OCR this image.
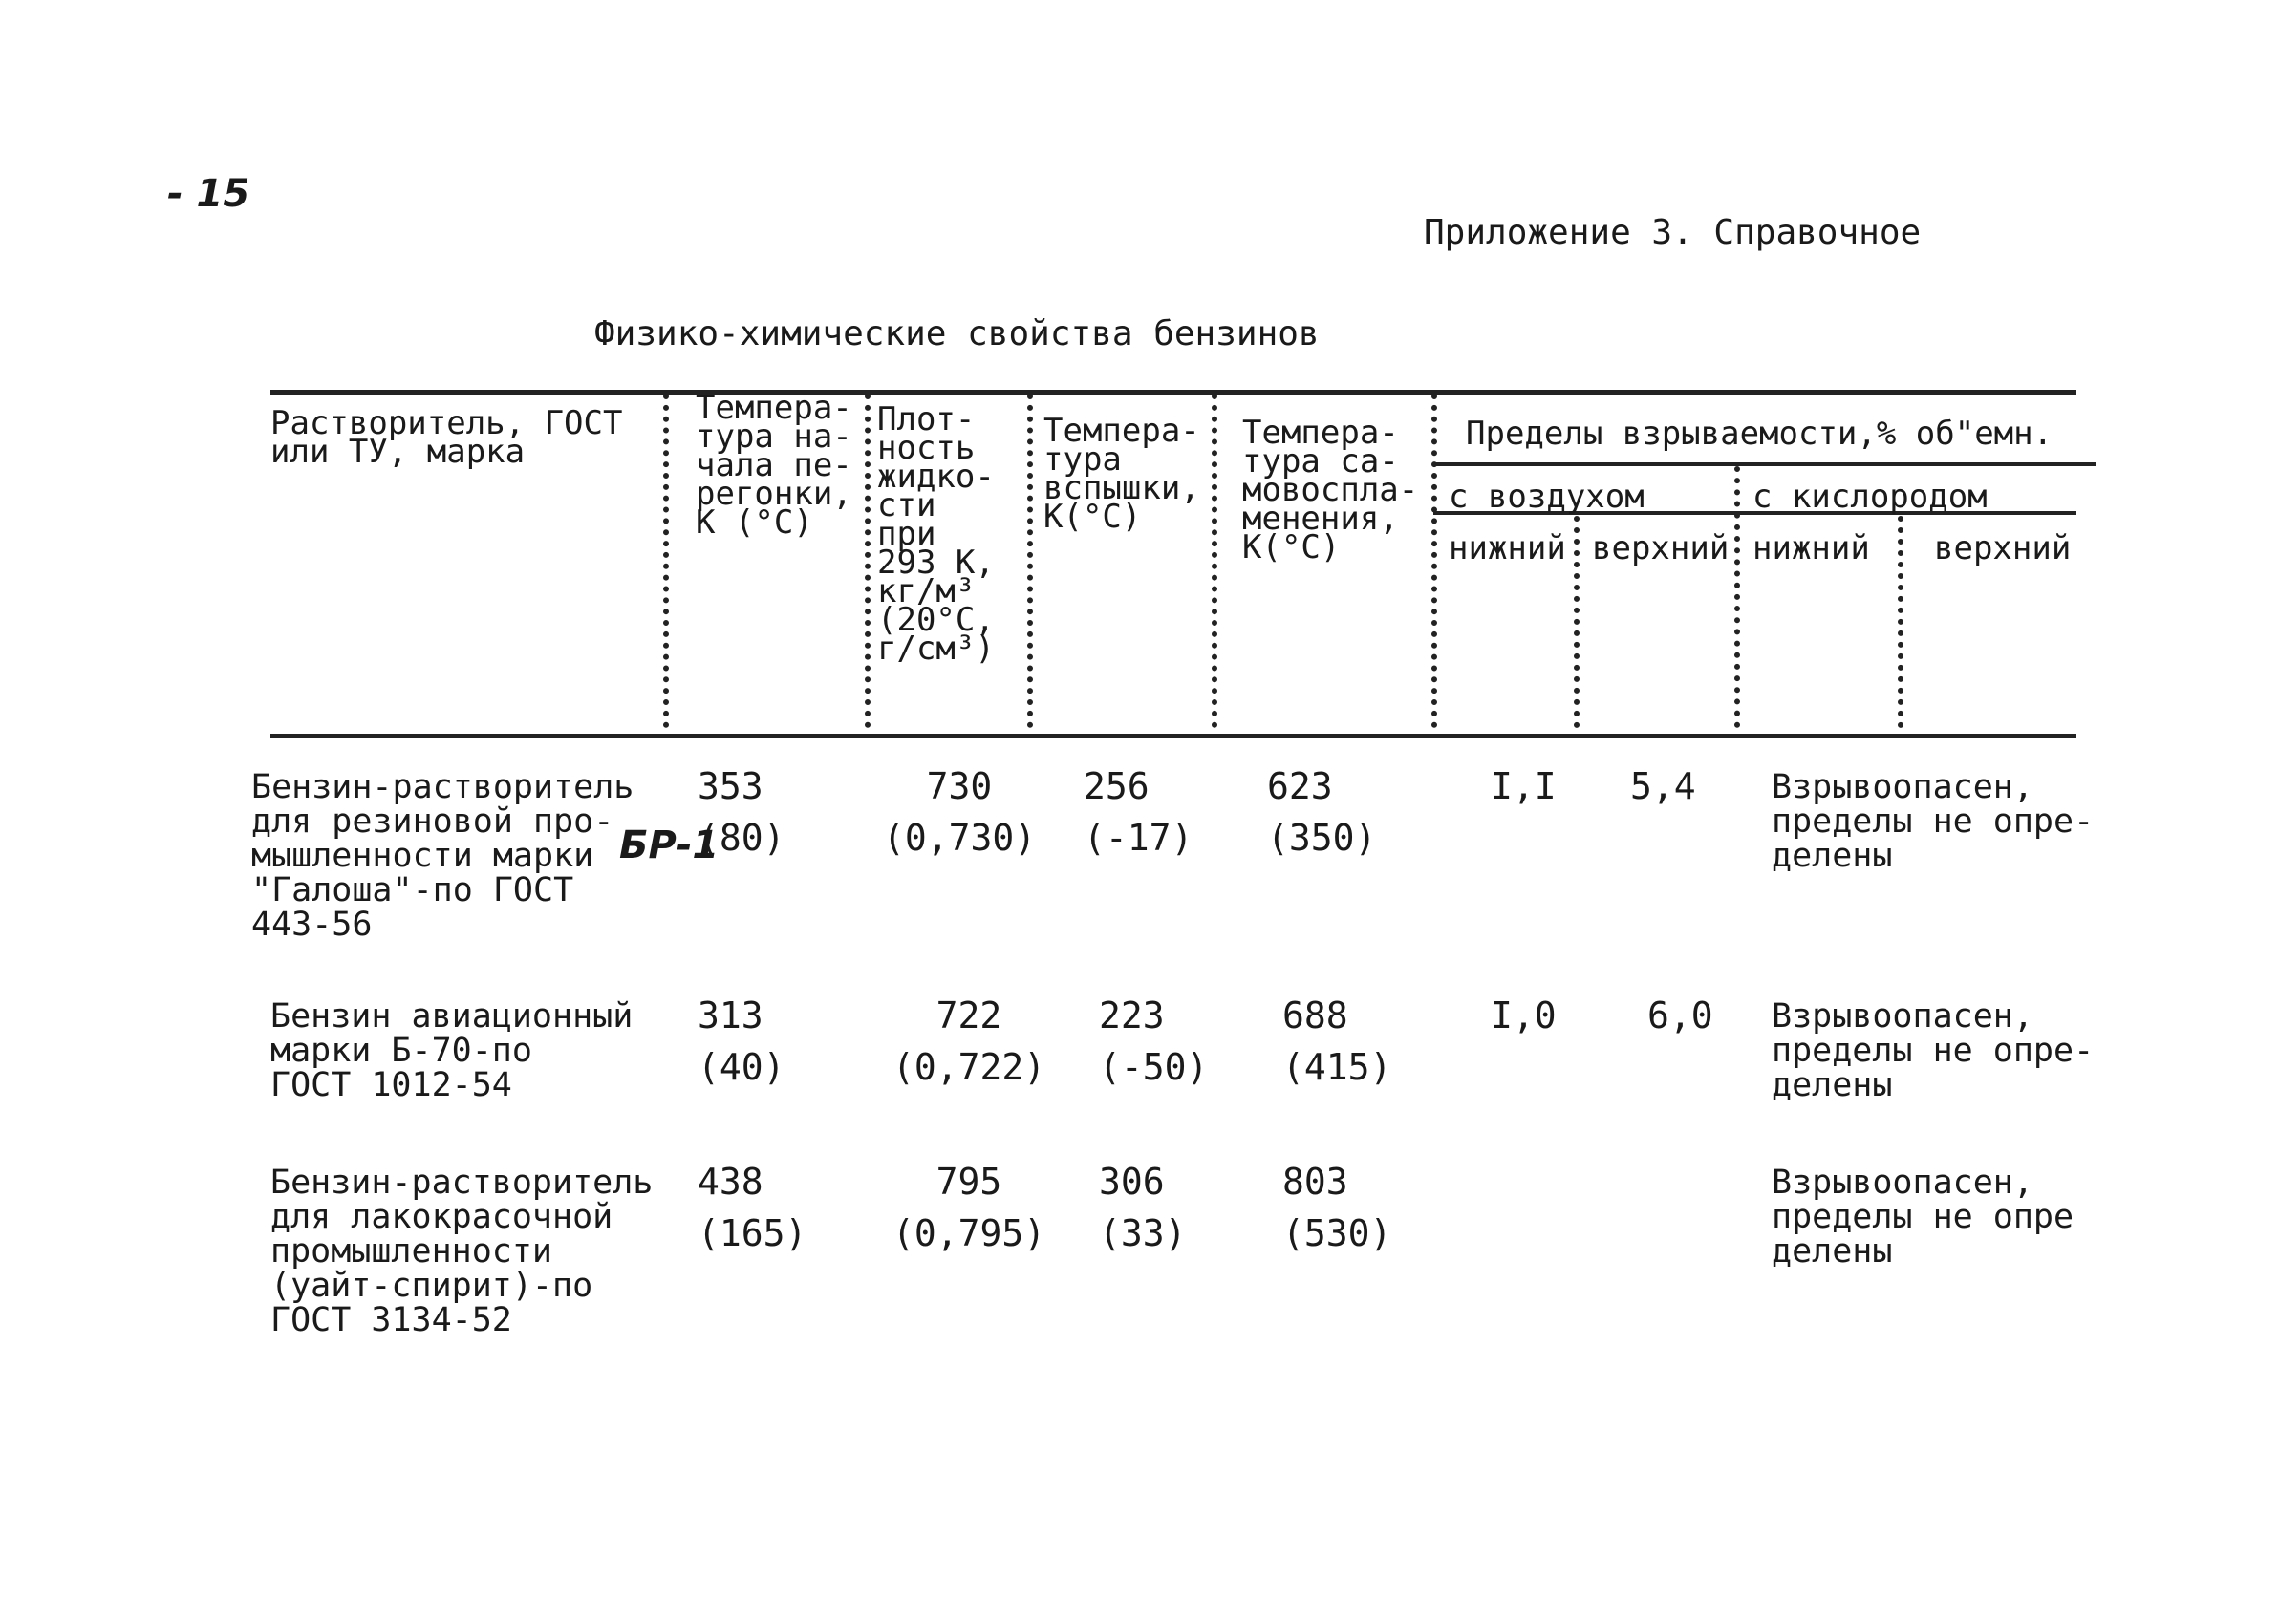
- 15
Приложение 3. Справочное
Физико-химические свойства бензинов
Растворитель, ГОСТ
или ТУ, марка
Темпера-
тура на-
чала пе-
регонки,
К (°С)
Плот-
ность
жидко-
сти
при
293 К,
кг/м³
(20°С,
г/см³)
Темпера-
тура
вспышки,
К(°С)
Темпера-
тура са-
мовоспла-
менения,
К(°С)
Пределы взрываемости,% об"емн.
с воздухом	с кислородом
нижний верхний нижний верхний
Бензин-растворитель
для резиновой про-
мышленности марки
"Галоша"-по ГОСТ
443-56
БР-1
353
(80)
730
(0,730)
256
(-17)
623
(350)
I,I 5,4 Взрывоопасен,
пределы не опре-
делены
Бензин авиационный
марки Б-70-по
ГОСТ 1012-54
313
(40)
722
(0,722)
223
(-50)
688
(415)
I,0	6,0 Взрывоопасен,
пределы не опре-
делены
Бензин-растворитель
для лакокрасочной
промышленности
(уайт-спирит)-по
ГОСТ 3134-52
438
(165)
795
(0,795)
306
(33)
803
(530)
Взрывоопасен,
пределы не опре
делены
